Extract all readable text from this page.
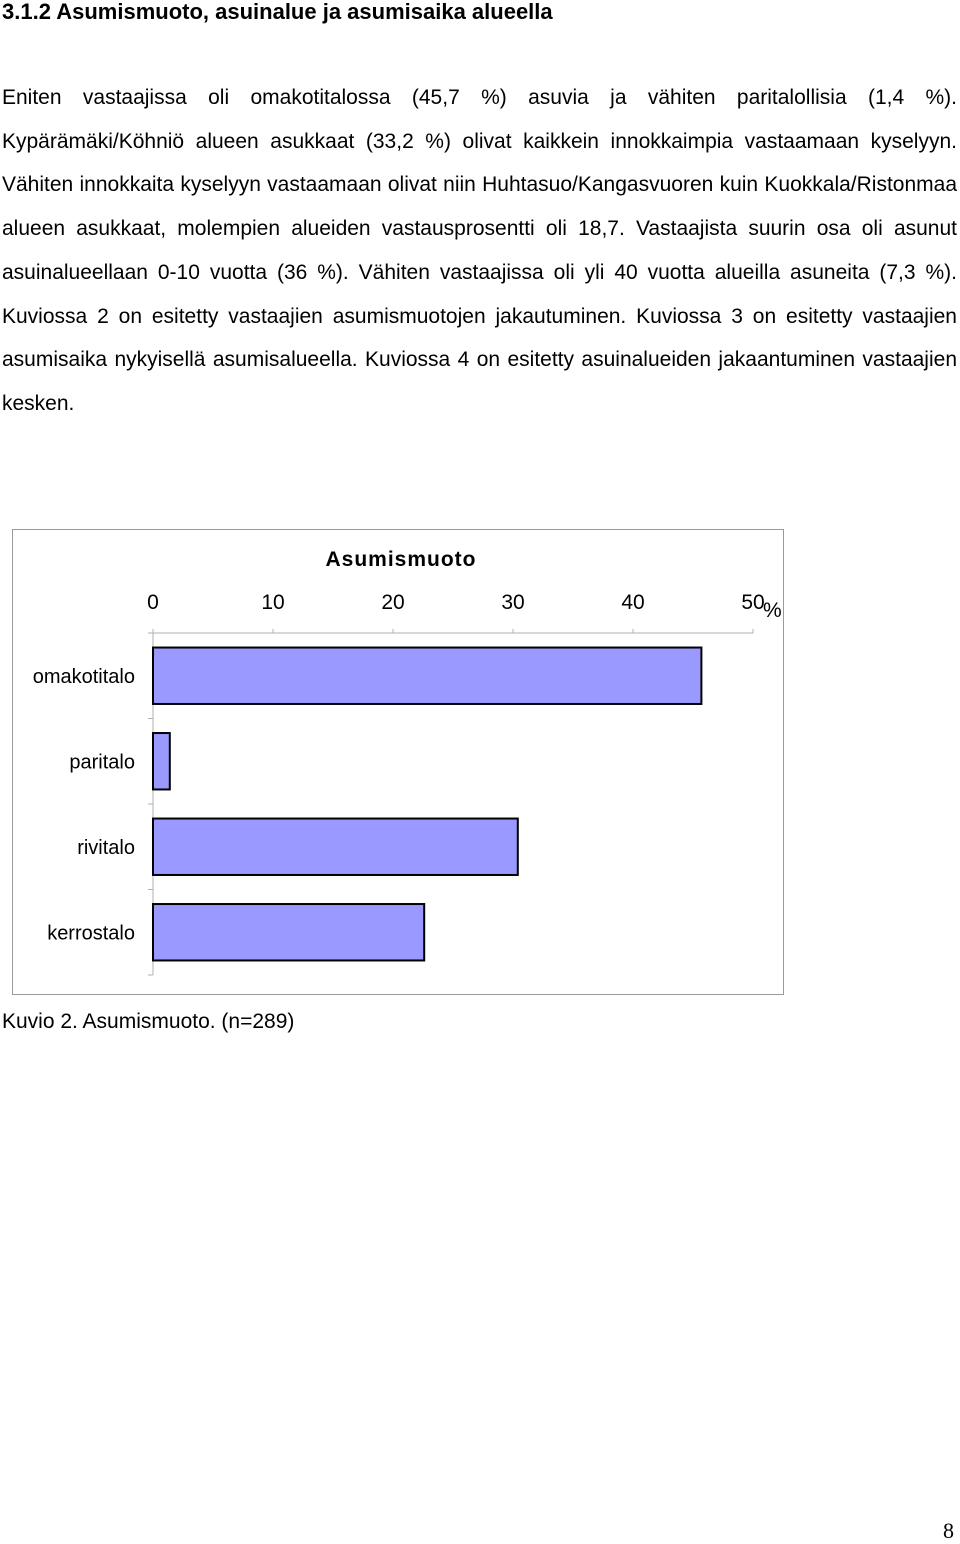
3.1.2 Asumismuoto, asuinalue ja asumisaika alueella
Eniten vastaajissa oli omakotitalossa (45,7 %) asuvia ja vähiten paritalollisia (1,4 %). Kypärämäki/Köhniö alueen asukkaat (33,2 %) olivat kaikkein innokkaimpia vastaamaan kyselyyn. Vähiten innokkaita kyselyyn vastaamaan olivat niin Huhtasuo/Kangasvuoren kuin Kuokkala/Ristonmaa alueen asukkaat, molempien alueiden vastausprosentti oli 18,7. Vastaajista suurin osa oli asunut asuinalueellaan 0-10 vuotta (36 %). Vähiten vastaajissa oli yli 40 vuotta alueilla asuneita (7,3 %). Kuviossa 2 on esitetty vastaajien asumismuotojen jakautuminen. Kuviossa 3 on esitetty vastaajien asumisaika nykyisellä asumisalueella. Kuviossa 4 on esitetty asuinalueiden jakaantuminen vastaajien kesken.
Asumismuoto
%
0	10	20	30	40	50
omakotitalo
paritalo
rivitalo
kerrostalo
Kuvio 2. Asumismuoto. (n=289)
8
